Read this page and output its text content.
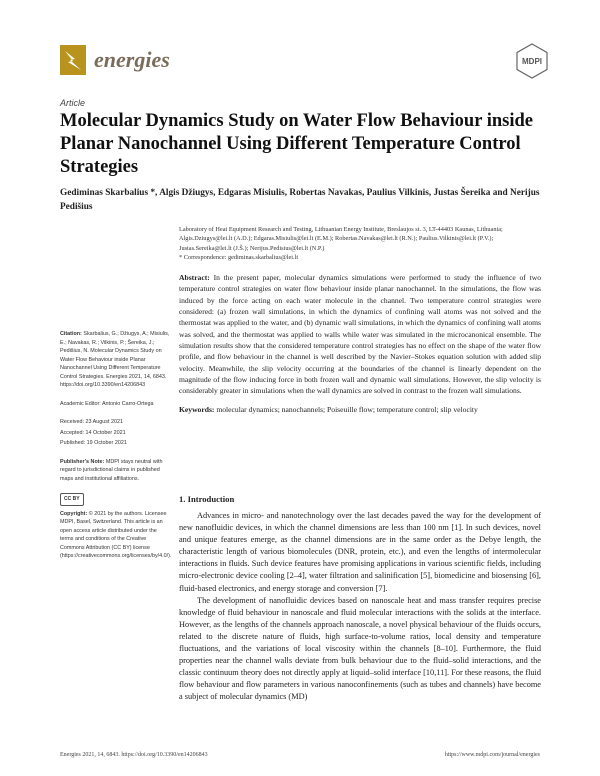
energies	MDPI
Article
Molecular Dynamics Study on Water Flow Behaviour inside Planar Nanochannel Using Different Temperature Control Strategies
Gediminas Skarbalius *, Algis Džiugys, Edgaras Misiulis, Robertas Navakas, Paulius Vilkinis, Justas Šereika and Nerijus Pedišius

Laboratory of Heat Equipment Research and Testing, Lithuanian Energy Institute, Breslaujos st. 3, LT-44403 Kaunas, Lithuania; Algis.Dziugys@lei.lt (A.D.); Edgaras.Misiulis@lei.lt (E.M.); Robertas.Navakas@lei.lt (R.N.); Paulius.Vilkinis@lei.lt (P.V.); Justas.Sereika@lei.lt (J.Š.); Nerijus.Pedisius@lei.lt (N.P.)

* Correspondence: gediminas.skarbalius@lei.lt

Abstract: In the present paper, molecular dynamics simulations were performed to study the influence of two temperature control strategies on water flow behaviour inside planar nanochannel. In the simulations, the flow was induced by the force acting on each water molecule in the channel. Two temperature control strategies were considered: (a) frozen wall simulations, in which the dynamics of confining wall atoms was not solved and the thermostat was applied to the water, and (b) dynamic wall simulations, in which the dynamics of confining wall atoms was solved, and the thermostat was applied to walls while water was simulated in the microcanonical ensemble. The simulation results show that the considered temperature control strategies has no effect on the shape of the water flow profile, and flow behaviour in the channel is well described by the Navier–Stokes equation solution with added slip velocity. Meanwhile, the slip velocity occurring at the boundaries of the channel is linearly dependent on the magnitude of the flow inducing force in both frozen wall and dynamic wall simulations. However, the slip velocity is considerably greater in simulations when the wall dynamics are solved in contrast to the frozen wall simulations.

Keywords: molecular dynamics; nanochannels; Poiseuille flow; temperature control; slip velocity

Citation: Skarbalius, G.; Džiugys, A.; Misiulis, E.; Navakas, R.; Vilkinis, P.; Šereika, J.; Pedišius, N. Molecular Dynamics Study on Water Flow Behaviour inside Planar Nanochannel Using Different Temperature Control Strategies. Energies 2021, 14, 6843. https://doi.org/10.3390/en14206843
Academic Editor: Antonio Carro-Ortega
Received: 23 August 2021
Accepted: 14 October 2021
Published: 19 October 2021
Publisher’s Note: MDPI stays neutral with regard to jurisdictional claims in published maps and institutional affiliations.
CC BY
Copyright: © 2021 by the authors. Licensee MDPI, Basel, Switzerland. This article is an open access article distributed under the terms and conditions of the Creative Commons Attribution (CC BY) license (https://creativecommons.org/licenses/by/4.0/).
1. Introduction

Advances in micro- and nanotechnology over the last decades paved the way for the development of new nanofluidic devices, in which the channel dimensions are less than 100 nm [1]. In such devices, novel and unique features emerge, as the channel dimensions are in the same order as the Debye length, the characteristic length of various biomolecules (DNR, protein, etc.), and even the lengths of intermolecular interactions in fluids. Such device features have promising applications in various scientific fields, including micro-electronic device cooling [2–4], water filtration and salinification [5], biomedicine and biosensing [6], fluid-based electronics, and energy storage and conversion [7].

The development of nanofluidic devices based on nanoscale heat and mass transfer requires precise knowledge of fluid behaviour in nanoscale and fluid molecular interactions with the solids at the interface. However, as the lengths of the channels approach nanoscale, a novel physical behaviour of the fluids occurs, related to the discrete nature of fluids, high surface-to-volume ratios, local density and temperature fluctuations, and the variations of local viscosity within the channels [8–10]. Furthermore, the fluid properties near the channel walls deviate from bulk behaviour due to the fluid–solid interactions, and the classic continuum theory does not directly apply at liquid–solid interface [10,11]. For these reasons, the fluid flow behaviour and flow parameters in various nanoconfinements (such as tubes and channels) have become a subject of molecular dynamics (MD)

Energies 2021, 14, 6843. https://doi.org/10.3390/en14206843	https://www.mdpi.com/journal/energies
